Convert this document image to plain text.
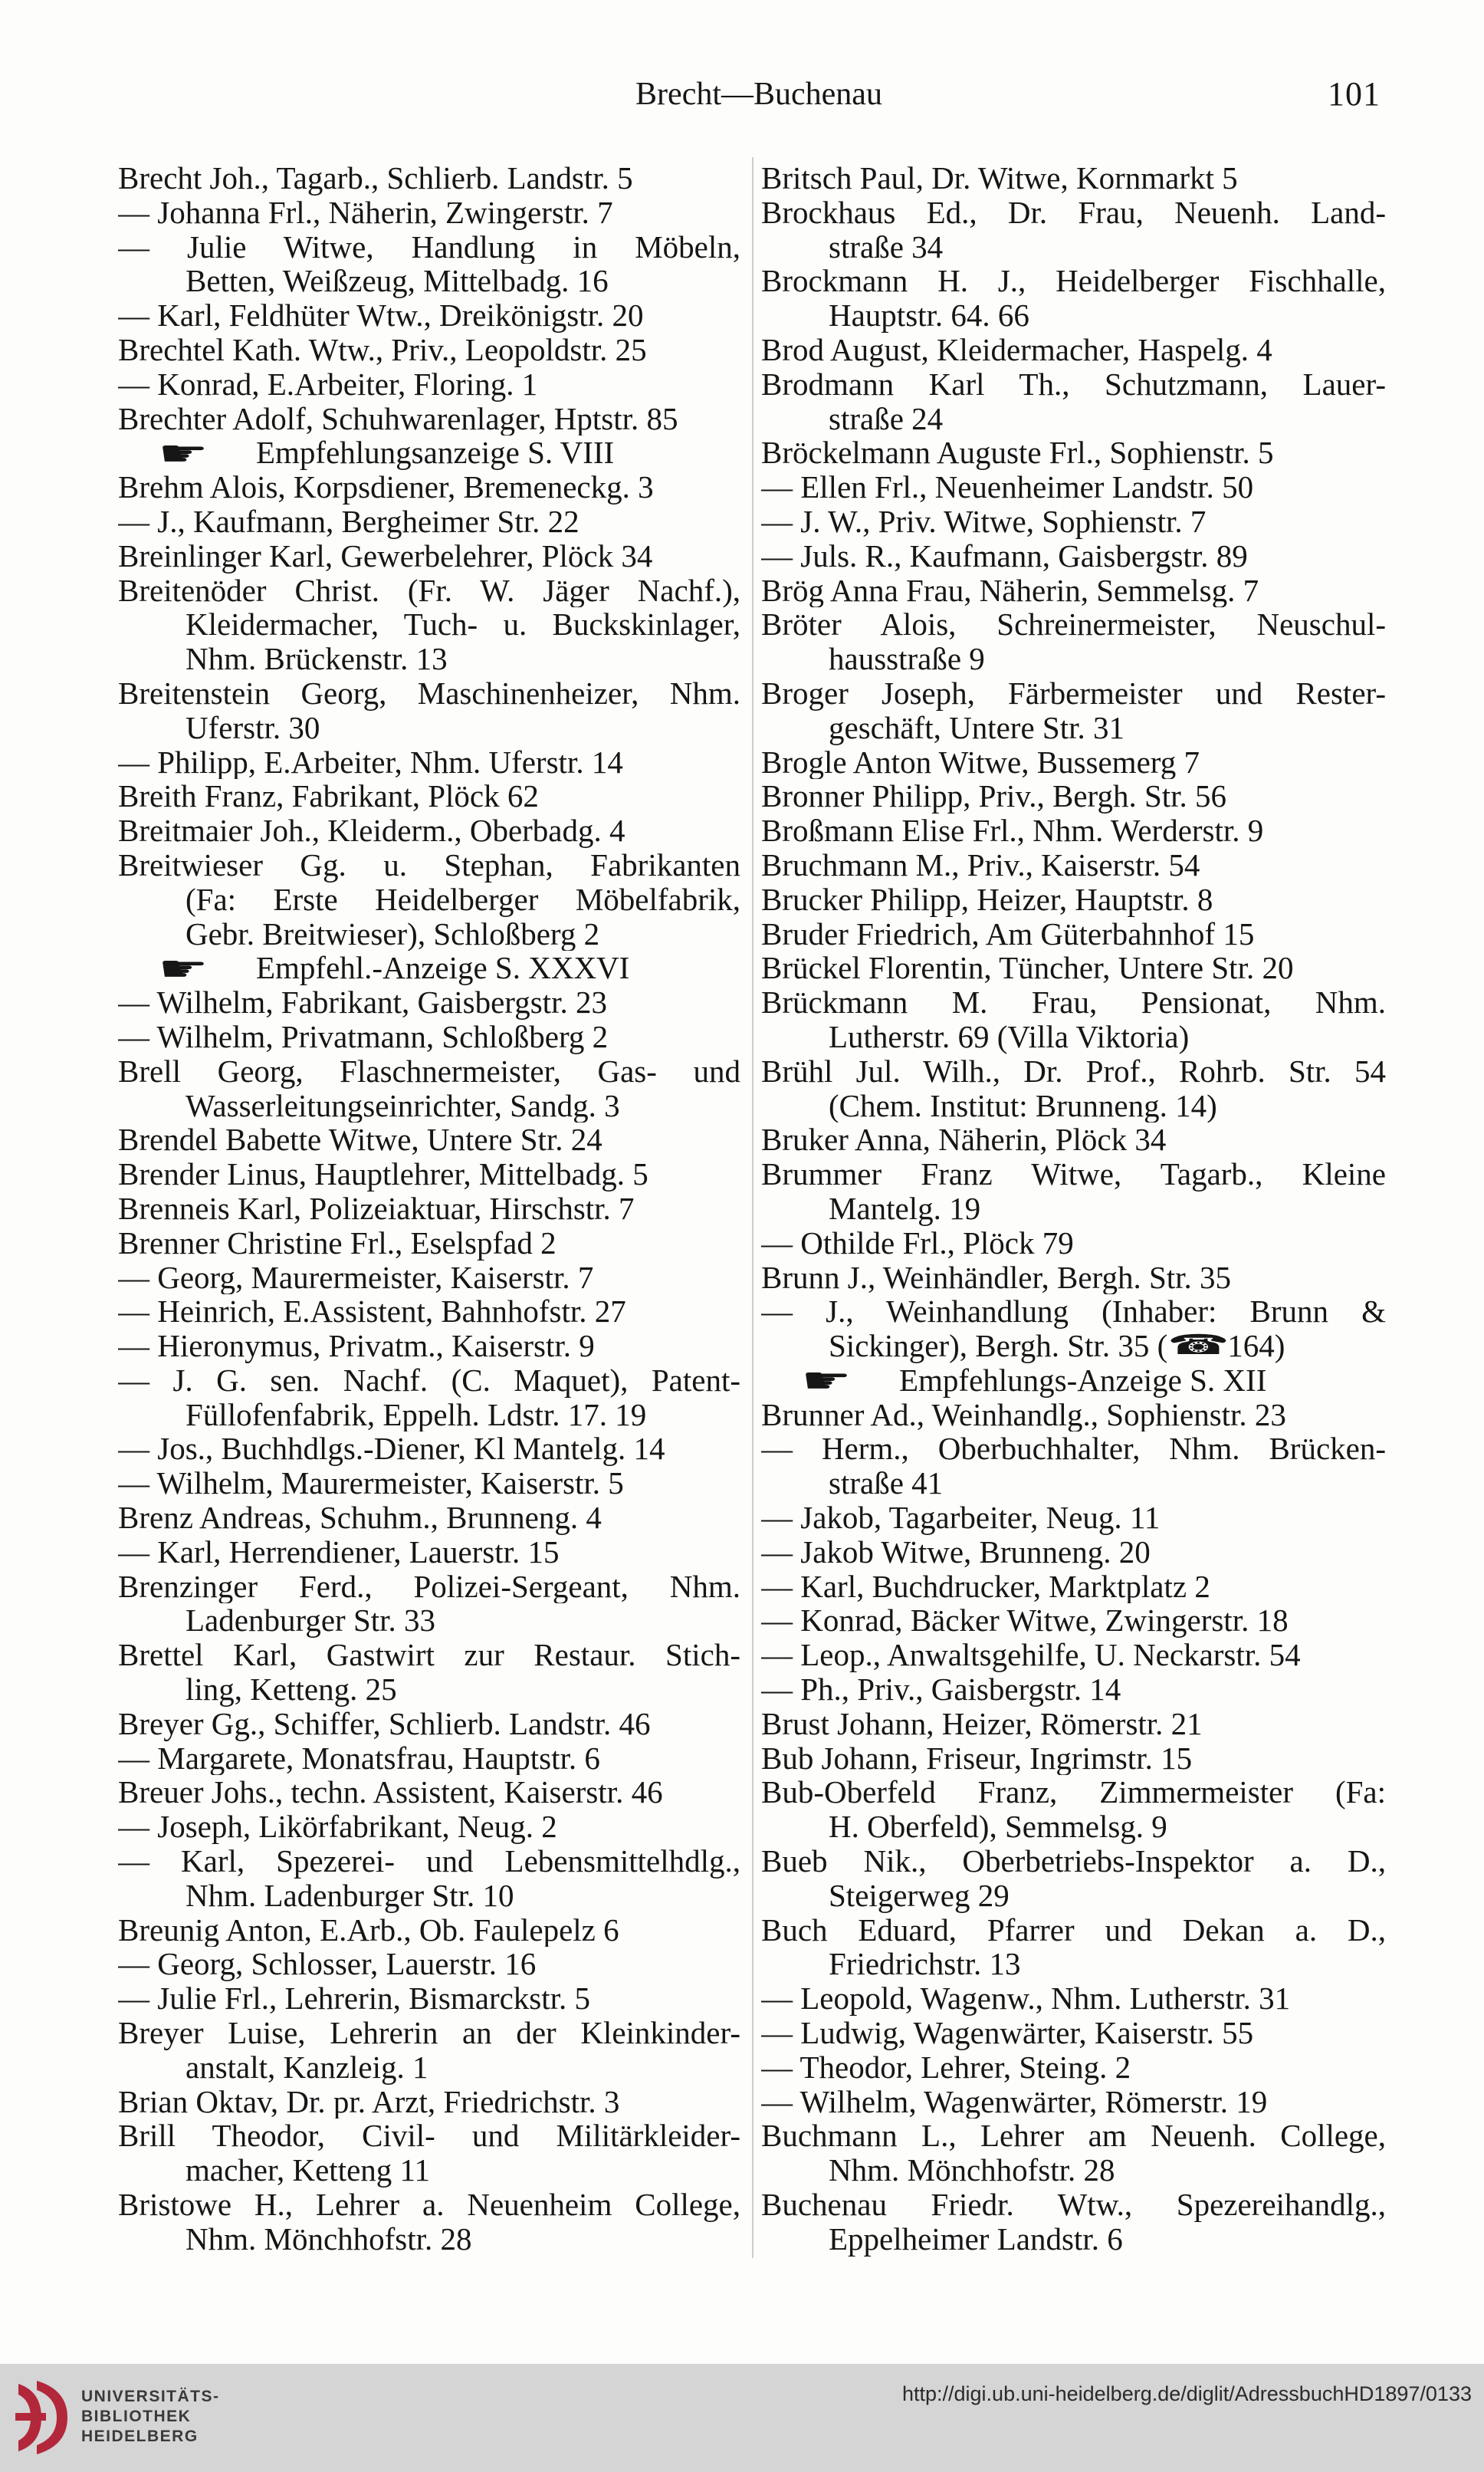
Brecht—Buchenau	101
Brecht Joh., Tagarb., Schlierb. Landstr. 5
— Johanna Frl., Näherin, Zwingerstr. 7
— Julie Witwe, Handlung in Möbeln,
Betten, Weißzeug, Mittelbadg. 16
— Karl, Feldhüter Wtw., Dreikönigstr. 20
Brechtel Kath. Wtw., Priv., Leopoldstr. 25
— Konrad, E.Arbeiter, Floring. 1
Brechter Adolf, Schuhwarenlager, Hptstr. 85
☛
Empfehlungsanzeige S. VIII
Brehm Alois, Korpsdiener, Bremeneckg. 3
— J., Kaufmann, Bergheimer Str. 22
Breinlinger Karl, Gewerbelehrer, Plöck 34
Breitenöder Christ. (Fr. W. Jäger Nachf.),
Kleidermacher, Tuch- u. Buckskinlager,
Nhm. Brückenstr. 13
Breitenstein Georg, Maschinenheizer, Nhm.
Uferstr. 30
— Philipp, E.Arbeiter, Nhm. Uferstr. 14
Breith Franz, Fabrikant, Plöck 62
Breitmaier Joh., Kleiderm., Oberbadg. 4
Breitwieser Gg. u. Stephan, Fabrikanten
(Fa: Erste Heidelberger Möbelfabrik,
Gebr. Breitwieser), Schloßberg 2
☛
Empfehl.-Anzeige S. XXXVI
— Wilhelm, Fabrikant, Gaisbergstr. 23
— Wilhelm, Privatmann, Schloßberg 2
Brell Georg, Flaschnermeister, Gas- und
Wasserleitungseinrichter, Sandg. 3
Brendel Babette Witwe, Untere Str. 24
Brender Linus, Hauptlehrer, Mittelbadg. 5
Brenneis Karl, Polizeiaktuar, Hirschstr. 7
Brenner Christine Frl., Eselspfad 2
— Georg, Maurermeister, Kaiserstr. 7
— Heinrich, E.Assistent, Bahnhofstr. 27
— Hieronymus, Privatm., Kaiserstr. 9
— J. G. sen. Nachf. (C. Maquet), Patent-
Füllofenfabrik, Eppelh. Ldstr. 17. 19
— Jos., Buchhdlgs.-Diener, Kl Mantelg. 14
— Wilhelm, Maurermeister, Kaiserstr. 5
Brenz Andreas, Schuhm., Brunneng. 4
— Karl, Herrendiener, Lauerstr. 15
Brenzinger Ferd., Polizei-Sergeant, Nhm.
Ladenburger Str. 33
Brettel Karl, Gastwirt zur Restaur. Stich-
ling, Ketteng. 25
Breyer Gg., Schiffer, Schlierb. Landstr. 46
— Margarete, Monatsfrau, Hauptstr. 6
Breuer Johs., techn. Assistent, Kaiserstr. 46
— Joseph, Likörfabrikant, Neug. 2
— Karl, Spezerei- und Lebensmittelhdlg.,
Nhm. Ladenburger Str. 10
Breunig Anton, E.Arb., Ob. Faulepelz 6
— Georg, Schlosser, Lauerstr. 16
— Julie Frl., Lehrerin, Bismarckstr. 5
Breyer Luise, Lehrerin an der Kleinkinder-
anstalt, Kanzleig. 1
Brian Oktav, Dr. pr. Arzt, Friedrichstr. 3
Brill Theodor, Civil- und Militärkleider-
macher, Ketteng 11
Bristowe H., Lehrer a. Neuenheim College,
Nhm. Mönchhofstr. 28
Britsch Paul, Dr. Witwe, Kornmarkt 5
Brockhaus Ed., Dr. Frau, Neuenh. Land-
straße 34
Brockmann H. J., Heidelberger Fischhalle,
Hauptstr. 64. 66
Brod August, Kleidermacher, Haspelg. 4
Brodmann Karl Th., Schutzmann, Lauer-
straße 24
Bröckelmann Auguste Frl., Sophienstr. 5
— Ellen Frl., Neuenheimer Landstr. 50
— J. W., Priv. Witwe, Sophienstr. 7
— Juls. R., Kaufmann, Gaisbergstr. 89
Brög Anna Frau, Näherin, Semmelsg. 7
Bröter Alois, Schreinermeister, Neuschul-
hausstraße 9
Broger Joseph, Färbermeister und Rester-
geschäft, Untere Str. 31
Brogle Anton Witwe, Bussemerg 7
Bronner Philipp, Priv., Bergh. Str. 56
Broßmann Elise Frl., Nhm. Werderstr. 9
Bruchmann M., Priv., Kaiserstr. 54
Brucker Philipp, Heizer, Hauptstr. 8
Bruder Friedrich, Am Güterbahnhof 15
Brückel Florentin, Tüncher, Untere Str. 20
Brückmann M. Frau, Pensionat, Nhm.
Lutherstr. 69 (Villa Viktoria)
Brühl Jul. Wilh., Dr. Prof., Rohrb. Str. 54
(Chem. Institut: Brunneng. 14)
Bruker Anna, Näherin, Plöck 34
Brummer Franz Witwe, Tagarb., Kleine
Mantelg. 19
— Othilde Frl., Plöck 79
Brunn J., Weinhändler, Bergh. Str. 35
— J., Weinhandlung (Inhaber: Brunn &
Sickinger), Bergh. Str. 35 (☎ 164)
☛
Empfehlungs-Anzeige S. XII
Brunner Ad., Weinhandlg., Sophienstr. 23
— Herm., Oberbuchhalter, Nhm. Brücken-
straße 41
— Jakob, Tagarbeiter, Neug. 11
— Jakob Witwe, Brunneng. 20
— Karl, Buchdrucker, Marktplatz 2
— Konrad, Bäcker Witwe, Zwingerstr. 18
— Leop., Anwaltsgehilfe, U. Neckarstr. 54
— Ph., Priv., Gaisbergstr. 14
Brust Johann, Heizer, Römerstr. 21
Bub Johann, Friseur, Ingrimstr. 15
Bub-Oberfeld Franz, Zimmermeister (Fa:
H. Oberfeld), Semmelsg. 9
Bueb Nik., Oberbetriebs-Inspektor a. D.,
Steigerweg 29
Buch Eduard, Pfarrer und Dekan a. D.,
Friedrichstr. 13
— Leopold, Wagenw., Nhm. Lutherstr. 31
— Ludwig, Wagenwärter, Kaiserstr. 55
— Theodor, Lehrer, Steing. 2
— Wilhelm, Wagenwärter, Römerstr. 19
Buchmann L., Lehrer am Neuenh. College,
Nhm. Mönchhofstr. 28
Buchenau Friedr. Wtw., Spezereihandlg.,
Eppelheimer Landstr. 6
UNIVERSITÄTS-
BIBLIOTHEK
HEIDELBERG
http://digi.ub.uni-heidelberg.de/diglit/AdressbuchHD1897/0133
